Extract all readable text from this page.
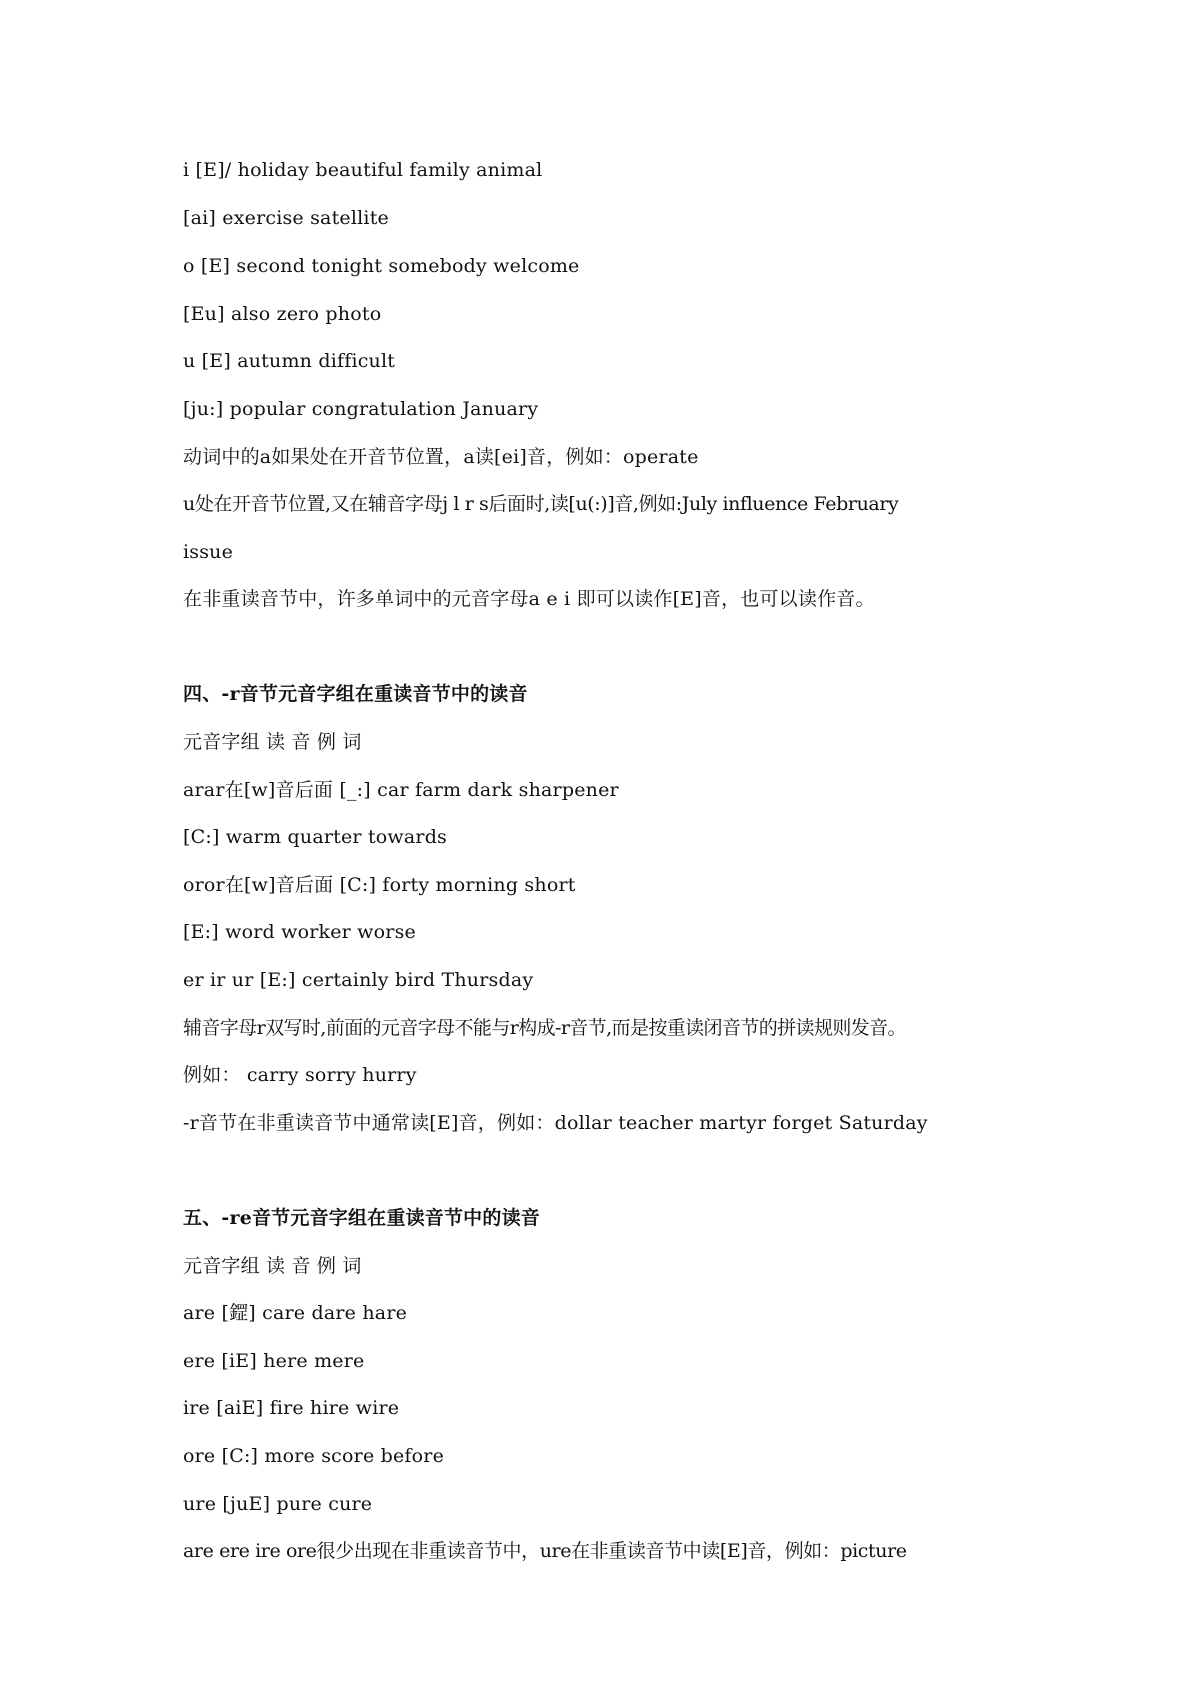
i [E]/ holiday beautiful family animal
[ai] exercise satellite
o [E] second tonight somebody welcome
[Eu] also zero photo
u [E] autumn difficult
[ju:] popular congratulation January
动词中的a如果处在开音节位置，a读[ei]音，例如：operate
u处在开音节位置,又在辅音字母j l r s后面时,读[u(:)]音,例如:July influence February
issue
在非重读音节中，许多单词中的元音字母a e i 即可以读作[E]音，也可以读作音。
四、-r音节元音字组在重读音节中的读音
元音字组 读 音 例 词
arar在[w]音后面 [_:] car farm dark sharpener
[C:] warm quarter towards
oror在[w]音后面 [C:] forty morning short
[E:] word worker worse
er ir ur [E:] certainly bird Thursday
辅音字母r双写时,前面的元音字母不能与r构成-r音节,而是按重读闭音节的拼读规则发音。
例如： carry sorry hurry
-r音节在非重读音节中通常读[E]音，例如：dollar teacher martyr forget Saturday
五、-re音节元音字组在重读音节中的读音
元音字组 读 音 例 词
are [鎠] care dare hare
ere [iE] here mere
ire [aiE] fire hire wire
ore [C:] more score before
ure [juE] pure cure
are ere ire ore很少出现在非重读音节中，ure在非重读音节中读[E]音，例如：picture
